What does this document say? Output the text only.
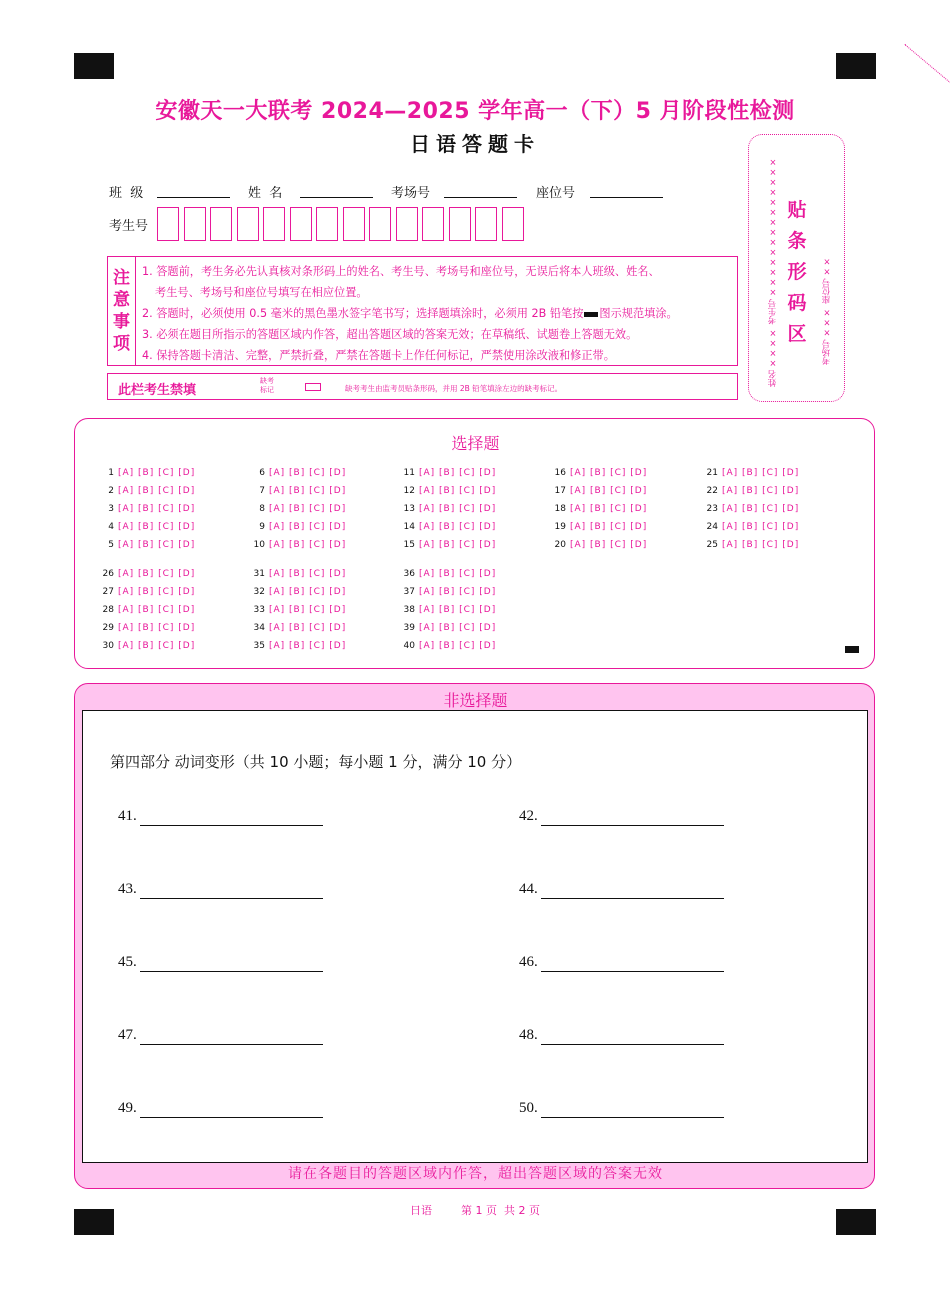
安徽天一大联考 2024—2025 学年高一（下）5 月阶段性检测
日语答题卡
班  级	姓  名	考场号	座位号
考生号
注
意
事
项
1. 答题前，考生务必先认真核对条形码上的姓名、考生号、考场号和座位号，无误后将本人班级、姓名、
考生号、考场号和座位号填写在相应位置。
2. 答题时，必须使用 0.5 毫米的黑色墨水签字笔书写；选择题填涂时，必须用 2B 铅笔按 图示规范填涂。
3. 必须在题目所指示的答题区域内作答，超出答题区域的答案无效；在草稿纸、试题卷上答题无效。
4. 保持答题卡清洁、完整，严禁折叠，严禁在答题卡上作任何标记，严禁使用涂改液和修正带。
此栏考生禁填
缺考
标记	缺考考生由监考员贴条形码，并用 2B 铅笔填涂左边的缺考标记。
姓名 ×××× 考生号 ×××××××××××××× 贴
条
形
码
区 考场号 ××× 座位号 ××
选择题
1 [A] [B] [C] [D]
2 [A] [B] [C] [D]
3 [A] [B] [C] [D]
4 [A] [B] [C] [D]
5 [A] [B] [C] [D]
6 [A] [B] [C] [D]
7 [A] [B] [C] [D]
8 [A] [B] [C] [D]
9 [A] [B] [C] [D]
10 [A] [B] [C] [D]
11 [A] [B] [C] [D]
12 [A] [B] [C] [D]
13 [A] [B] [C] [D]
14 [A] [B] [C] [D]
15 [A] [B] [C] [D]
16 [A] [B] [C] [D]
17 [A] [B] [C] [D]
18 [A] [B] [C] [D]
19 [A] [B] [C] [D]
20 [A] [B] [C] [D]
21 [A] [B] [C] [D]
22 [A] [B] [C] [D]
23 [A] [B] [C] [D]
24 [A] [B] [C] [D]
25 [A] [B] [C] [D]
26 [A] [B] [C] [D]
27 [A] [B] [C] [D]
28 [A] [B] [C] [D]
29 [A] [B] [C] [D]
30 [A] [B] [C] [D]
31 [A] [B] [C] [D]
32 [A] [B] [C] [D]
33 [A] [B] [C] [D]
34 [A] [B] [C] [D]
35 [A] [B] [C] [D]
36 [A] [B] [C] [D]
37 [A] [B] [C] [D]
38 [A] [B] [C] [D]
39 [A] [B] [C] [D]
40 [A] [B] [C] [D]
非选择题
第四部分 动词变形（共 10 小题；每小题 1 分，满分 10 分）
41.	42.
43.	44.
45.	46.
47.	48.
49.	50.
请在各题目的答题区域内作答，超出答题区域的答案无效
日语	第 1 页  共 2 页
